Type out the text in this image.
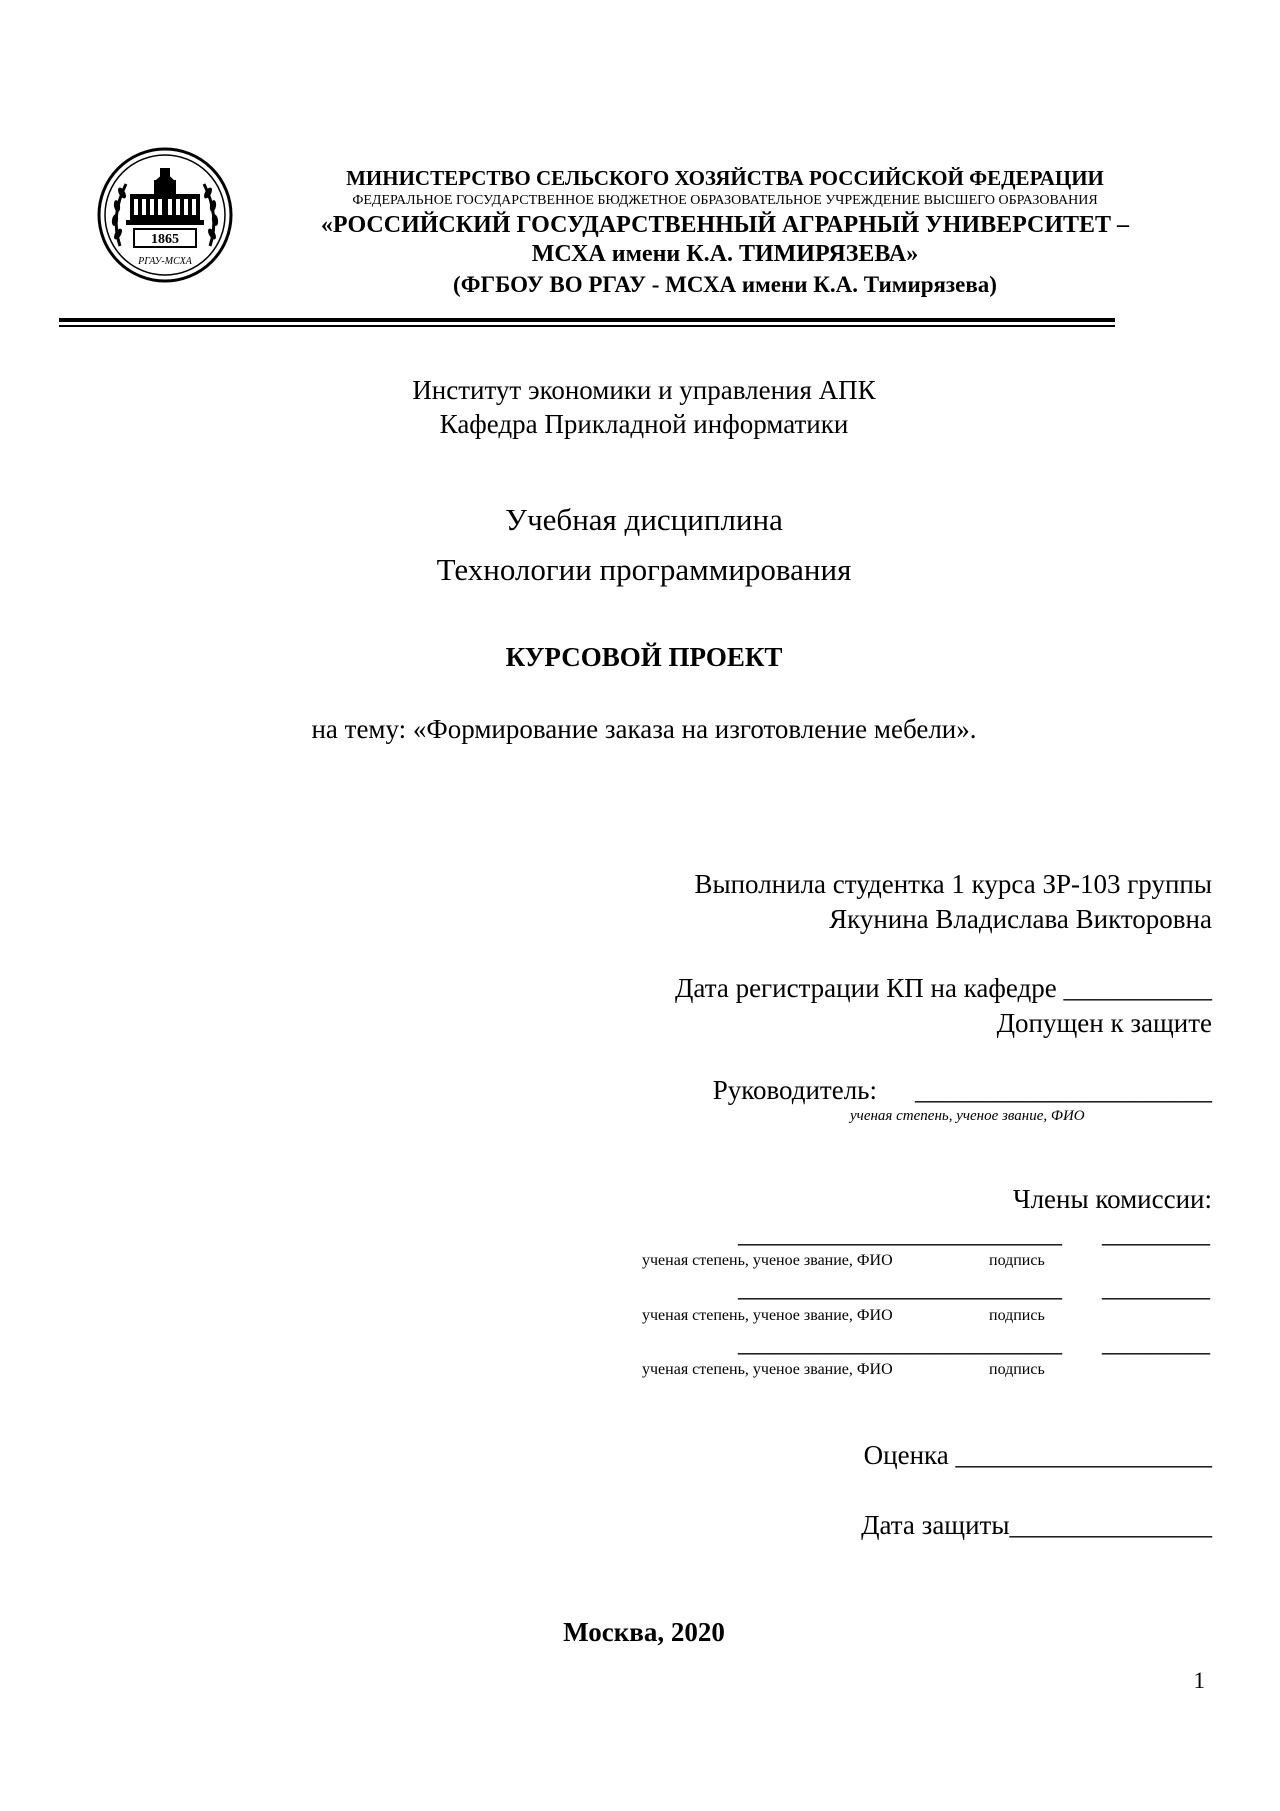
1865
РГАУ-МСХА
МИНИСТЕРСТВО СЕЛЬСКОГО ХОЗЯЙСТВА РОССИЙСКОЙ ФЕДЕРАЦИИ
ФЕДЕРАЛЬНОЕ ГОСУДАРСТВЕННОЕ БЮДЖЕТНОЕ ОБРАЗОВАТЕЛЬНОЕ УЧРЕЖДЕНИЕ ВЫСШЕГО ОБРАЗОВАНИЯ
«РОССИЙСКИЙ ГОСУДАРСТВЕННЫЙ АГРАРНЫЙ УНИВЕРСИТЕТ –
МСХА имени К.А. ТИМИРЯЗЕВА»
(ФГБОУ ВО РГАУ - МСХА имени К.А. Тимирязева)
Институт экономики и управления АПК
Кафедра Прикладной информатики
Учебная дисциплина
Технологии программирования
КУРСОВОЙ ПРОЕКТ
на тему: «Формирование заказа на изготовление мебели».
Выполнила студентка 1 курса ЗР-103 группы
Якунина Владислава Викторовна
Дата регистрации КП на кафедре ___________
Допущен к защите
Руководитель: ______________________
ученая степень, ученое звание, ФИО
Члены комиссии:
________________________ ________
ученая степень, ученое звание, ФИО	подпись
________________________ ________
ученая степень, ученое звание, ФИО	подпись
________________________ ________
ученая степень, ученое звание, ФИО	подпись
Оценка ___________________
Дата защиты_______________
Москва, 2020
1
